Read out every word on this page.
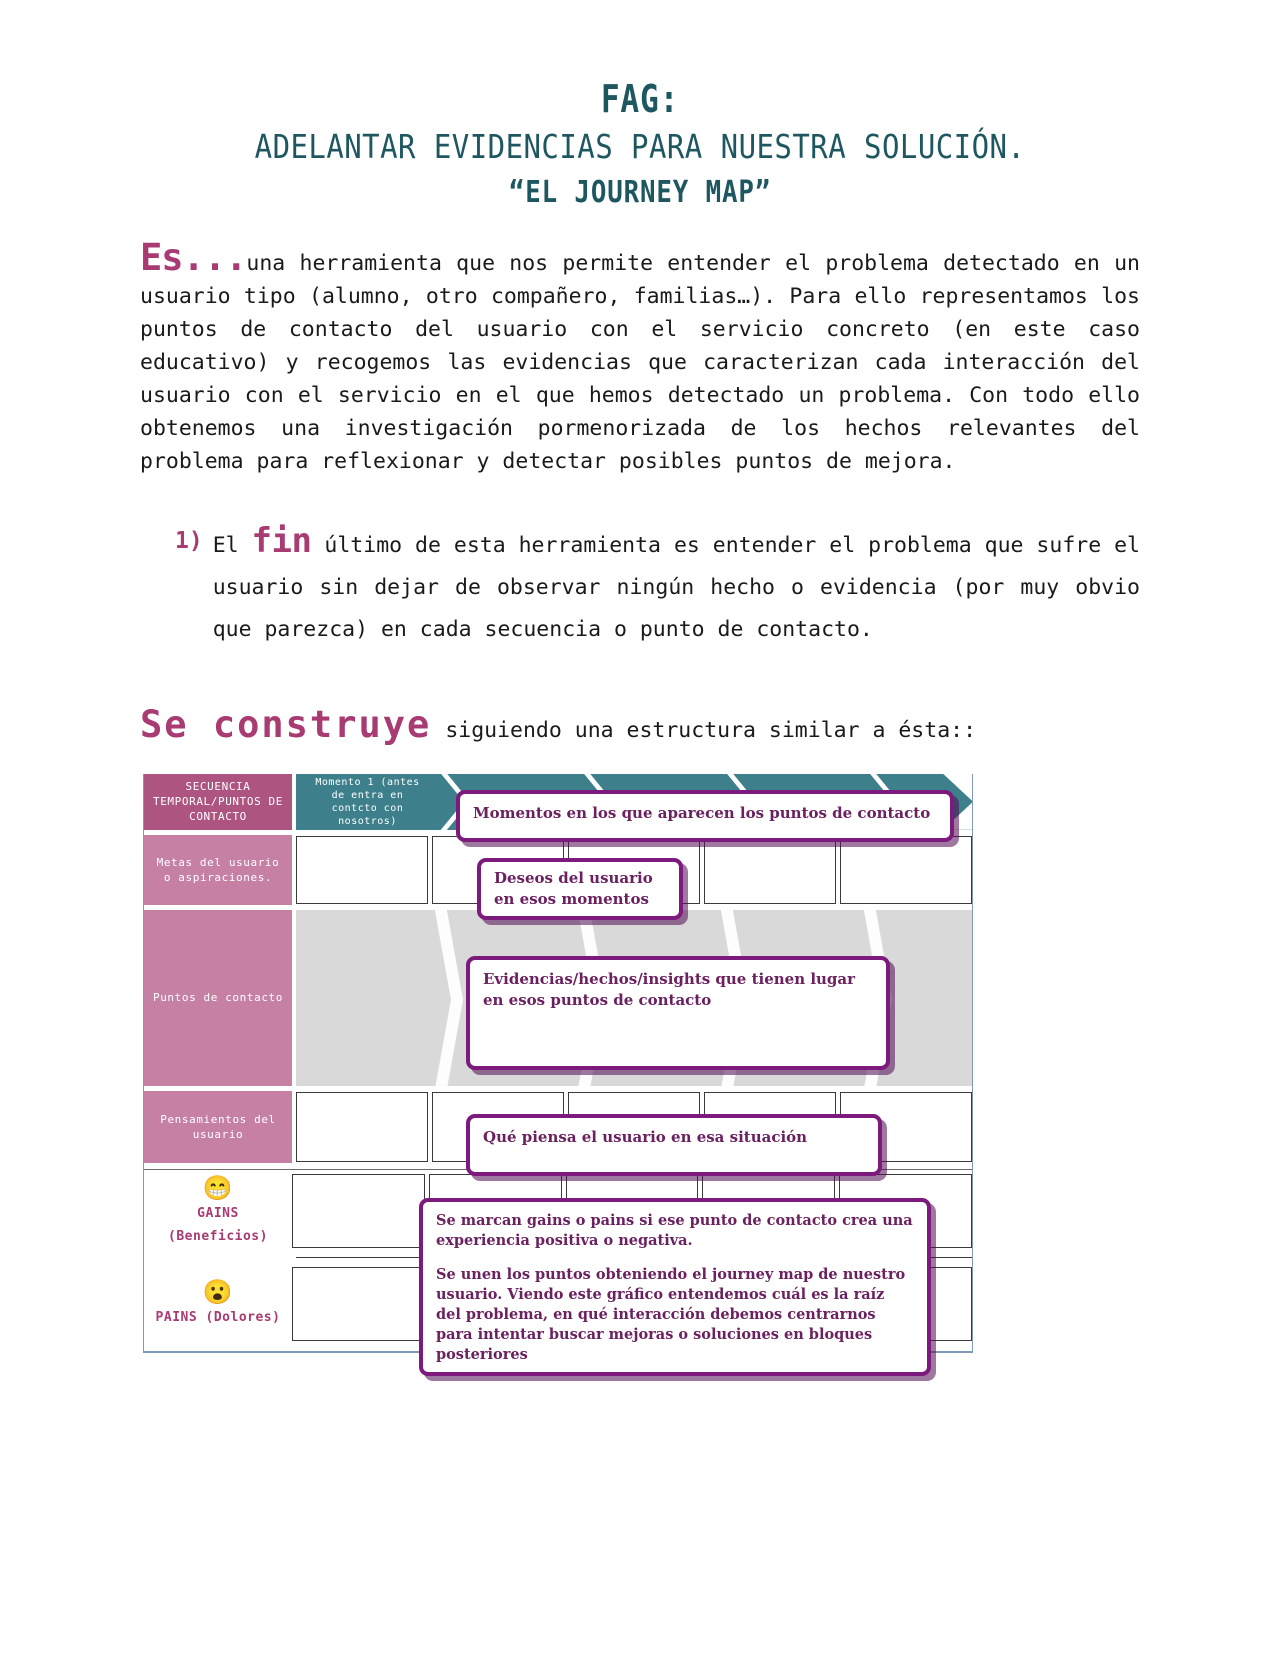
FAG:
ADELANTAR EVIDENCIAS PARA NUESTRA SOLUCIÓN.
“EL JOURNEY MAP”

Es...una herramienta que nos permite entender el problema detectado en un usuario tipo (alumno, otro compañero, familias…). Para ello representamos los puntos de contacto del usuario con el servicio concreto (en este caso educativo) y recogemos las evidencias que caracterizan cada interacción del usuario con el servicio en el que hemos detectado un problema. Con todo ello obtenemos una investigación pormenorizada de los hechos relevantes del problema para reflexionar y detectar posibles puntos de mejora.

1) El fin último de esta herramienta es entender el problema que sufre el usuario sin dejar de observar ningún hecho o evidencia (por muy obvio que parezca) en cada secuencia o punto de contacto.
Se construye siguiendo una estructura similar a ésta::
SECUENCIA TEMPORAL/PUNTOS DE CONTACTO
Momento 1 (antes de entra en contcto con nosotros)
Metas del usuario o aspiraciones.
Puntos de contacto
Pensamientos del usuario
😁
GAINS
(Beneficios)
😮
PAINS (Dolores)
Momentos en los que aparecen los puntos de contacto
Deseos del usuario en esos momentos
Evidencias/hechos/insights que tienen lugar en esos puntos de contacto
Qué piensa el usuario en esa situación

Se marcan gains o pains si ese punto de contacto crea una experiencia positiva o negativa.

Se unen los puntos obteniendo el journey map de nuestro usuario. Viendo este gráfico entendemos cuál es la raíz del problema, en qué interacción debemos centrarnos para intentar buscar mejoras o soluciones en bloques posteriores
